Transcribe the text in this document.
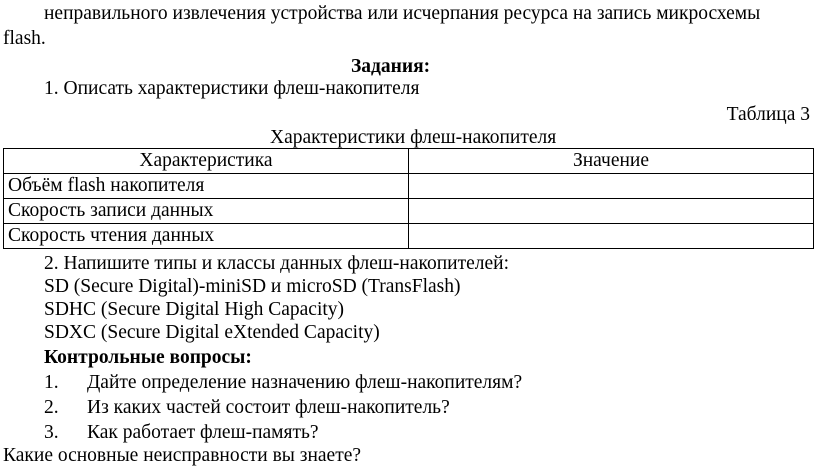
неправильного извлечения устройства или исчерпания ресурса на запись микросхемы
flash.
Задания:
1. Описать характеристики флеш-накопителя
Таблица 3
Характеристики флеш-накопителя
Характеристика	Значение
Объём flash накопителя	
Скорость записи данных	
Скорость чтения данных	
2. Напишите типы и классы данных флеш-накопителей:
SD (Secure Digital)-miniSD и microSD (TransFlash)
SDHC (Secure Digital High Capacity)
SDXC (Secure Digital eXtended Capacity)
Контрольные вопросы:
1. Дайте определение назначению флеш-накопителям?
2. Из каких частей состоит флеш-накопитель?
3. Как работает флеш-память?
Какие основные неисправности вы знаете?
